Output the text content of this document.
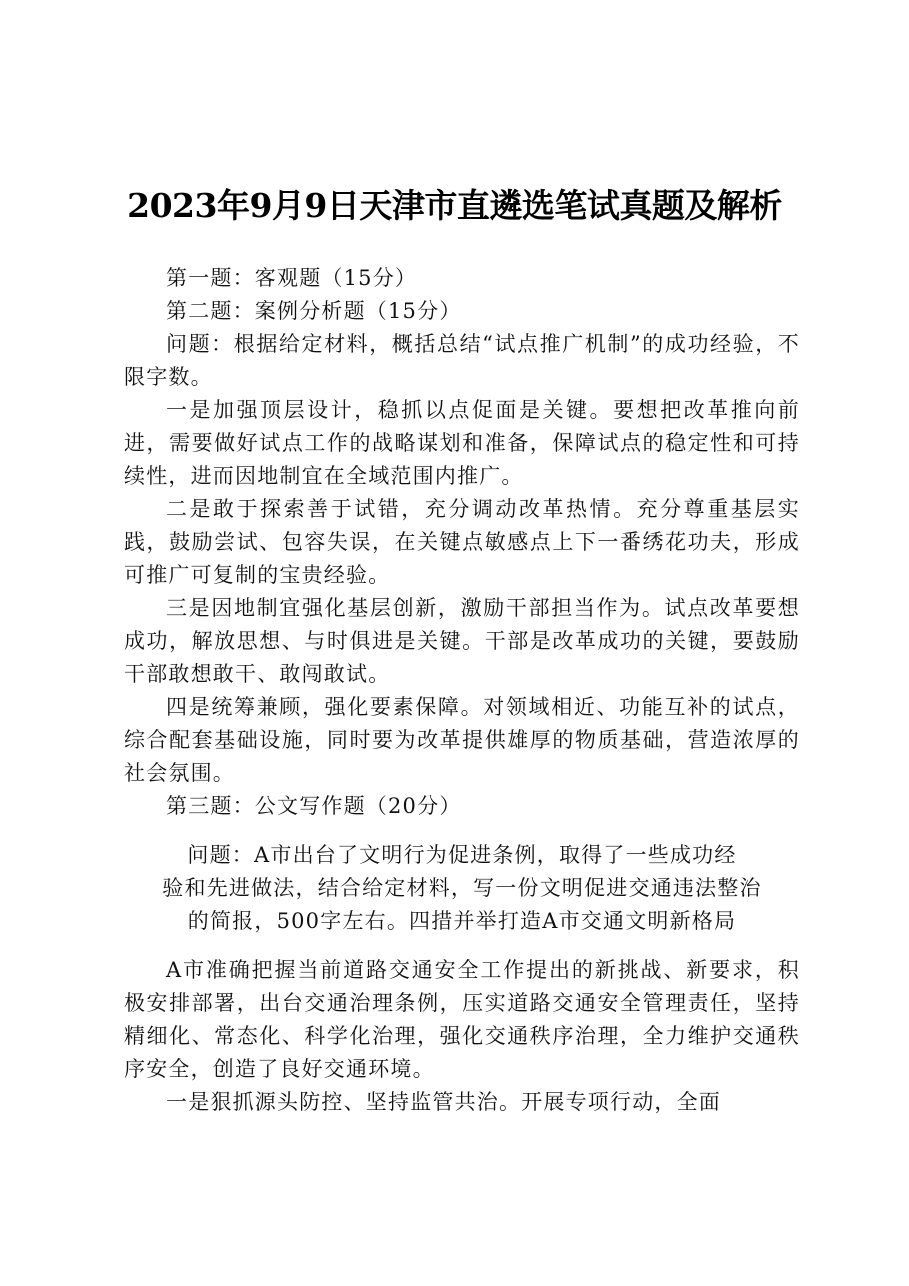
2023年9月9日天津市直遴选笔试真题及解析

第一题：客观题（15分）

第二题：案例分析题（15分）

问题：根据给定材料，概括总结“试点推广机制”的成功经验，不限字数。

一是加强顶层设计，稳抓以点促面是关键。要想把改革推向前进，需要做好试点工作的战略谋划和准备，保障试点的稳定性和可持续性，进而因地制宜在全域范围内推广。

二是敢于探索善于试错，充分调动改革热情。充分尊重基层实践，鼓励尝试、包容失误，在关键点敏感点上下一番绣花功夫，形成可推广可复制的宝贵经验。

三是因地制宜强化基层创新，激励干部担当作为。试点改革要想成功，解放思想、与时俱进是关键。干部是改革成功的关键，要鼓励干部敢想敢干、敢闯敢试。

四是统筹兼顾，强化要素保障。对领域相近、功能互补的试点，综合配套基础设施，同时要为改革提供雄厚的物质基础，营造浓厚的社会氛围。

第三题：公文写作题（20分）

问题：A市出台了文明行为促进条例，取得了一些成功经
验和先进做法，结合给定材料，写一份文明促进交通违法整治
的简报，500字左右。四措并举打造A市交通文明新格局

A市准确把握当前道路交通安全工作提出的新挑战、新要求，积极安排部署，出台交通治理条例，压实道路交通安全管理责任，坚持精细化、常态化、科学化治理，强化交通秩序治理，全力维护交通秩序安全，创造了良好交通环境。

一是狠抓源头防控、坚持监管共治。开展专项行动，全面
